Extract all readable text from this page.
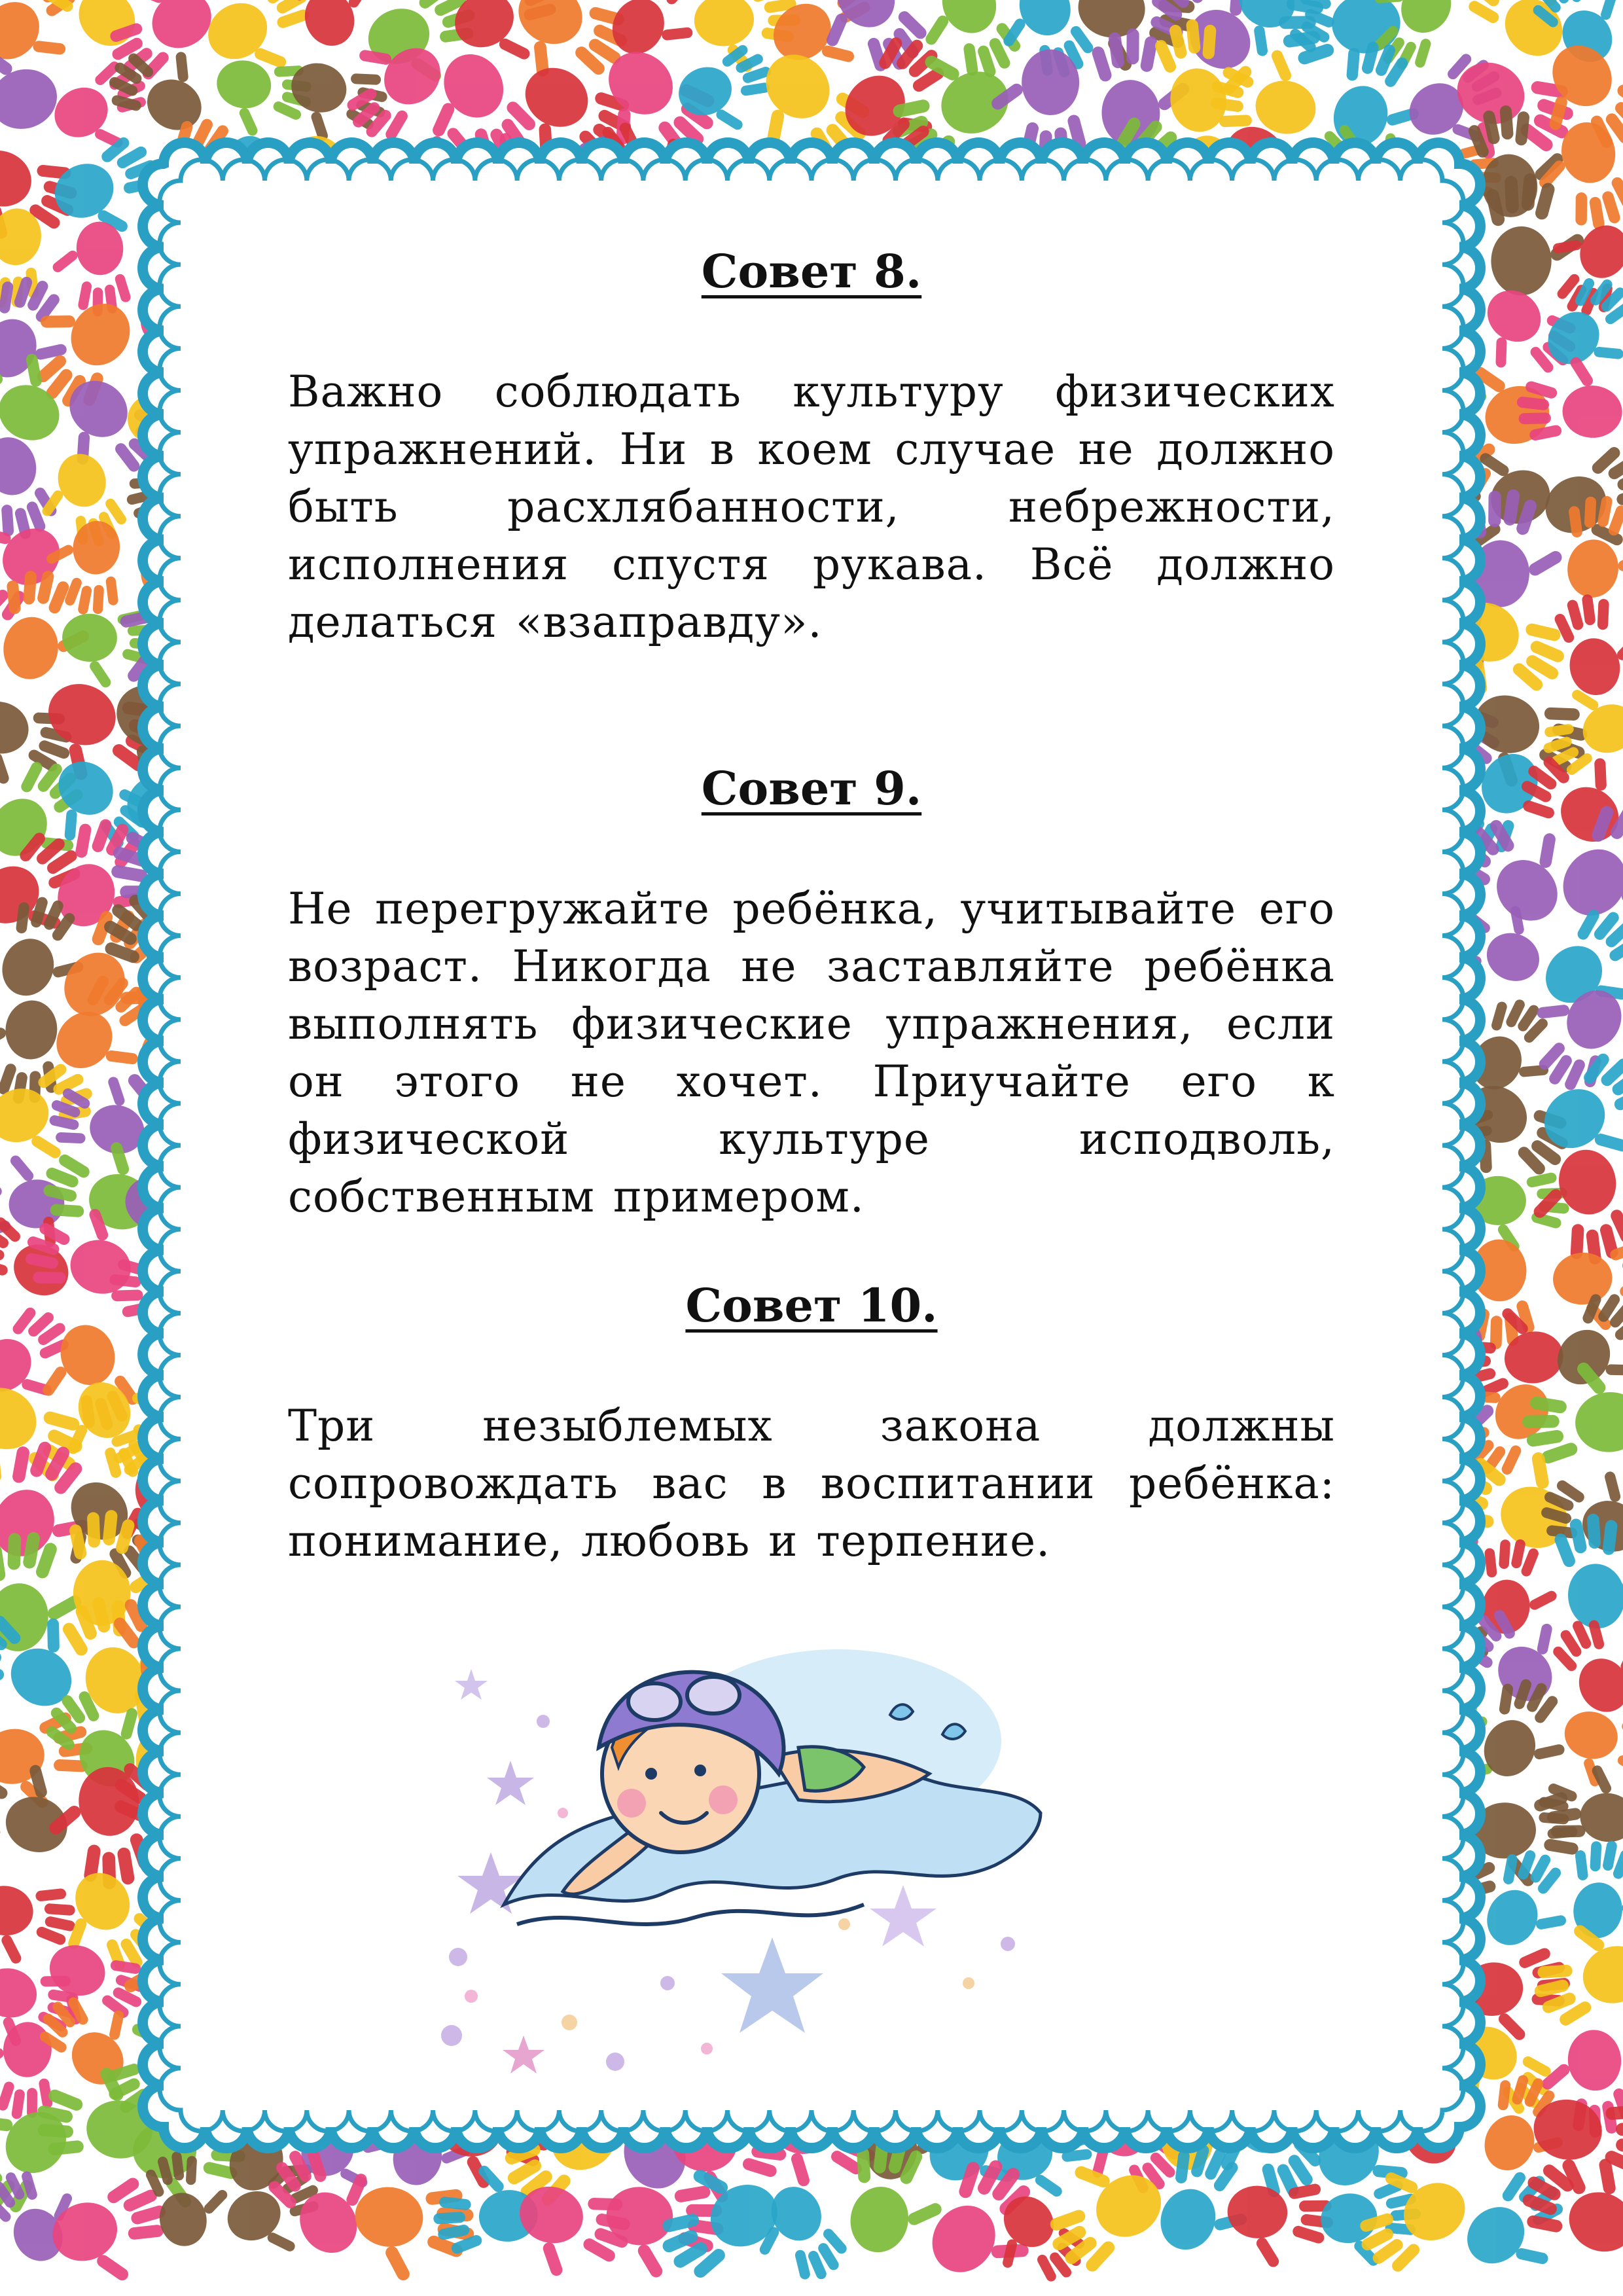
Совет 8.

Важно соблюдать культуру физических упражнений. Ни в коем случае не должно быть расхлябанности, небрежности, исполнения спустя рукава. Всё должно делаться «взаправду».

Совет 9.

Не перегружайте ребёнка, учитывайте его возраст. Никогда не заставляйте ребёнка выполнять физические упражнения, если он этого не хочет. Приучайте его к физической культуре исподволь, собственным примером.

Совет 10.

Три незыблемых закона должны сопровождать вас в воспитании ребёнка: понимание, любовь и терпение.
